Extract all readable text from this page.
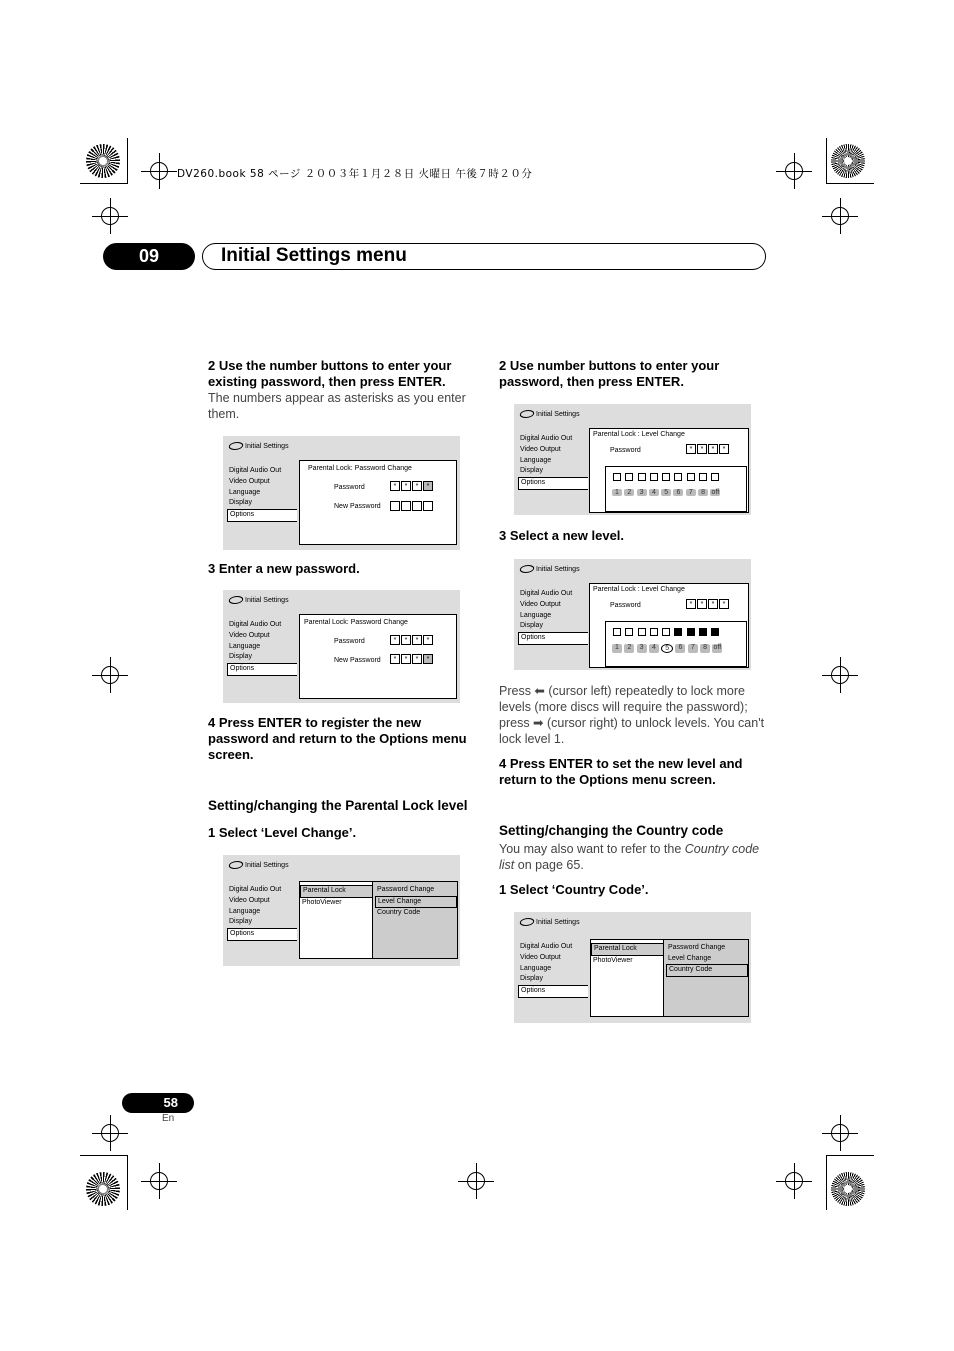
DV260.book 58 ページ ２００３年１月２８日 火曜日 午後７時２０分
09	Initial Settings menu
2 Use the number buttons to enter your existing password, then press ENTER.
The numbers appear as asterisks as you enter them.
Initial Settings
Digital Audio Out
Video Output
Language
Display
Options
Parental Lock: Password Change
Password	*	*	*	*
New Password
3 Enter a new password.
Initial Settings
Digital Audio Out
Video Output
Language
Display
Options
Parental Lock: Password Change
Password	*	*	*	*
New Password	*	*	*	*
4 Press ENTER to register the new password and return to the Options menu screen.
Setting/changing the Parental Lock level
1 Select ‘Level Change’.
Initial Settings
Digital Audio Out
Video Output
Language
Display
Options
Parental Lock
PhotoViewer
Password Change
Level Change
Country Code
2 Use number buttons to enter your password, then press ENTER.
Initial Settings
Digital Audio Out
Video Output
Language
Display
Options
Parental Lock : Level Change
Password	*	*	*	*
1	2	3	4	5	6	7	8 off
3 Select a new level.
Initial Settings
Digital Audio Out
Video Output
Language
Display
Options
Parental Lock : Level Change
Password	*	*	*	*
1	2	3	4	5	6	7	8 off
Press ⬅ (cursor left) repeatedly to lock more levels (more discs will require the password); press ➡ (cursor right) to unlock levels. You can't lock level 1.
4 Press ENTER to set the new level and return to the Options menu screen.
Setting/changing the Country code
You may also want to refer to the Country code list on page 65.
1 Select ‘Country Code’.
Initial Settings
Digital Audio Out
Video Output
Language
Display
Options
Parental Lock
PhotoViewer
Password Change
Level Change
Country Code
58
En
